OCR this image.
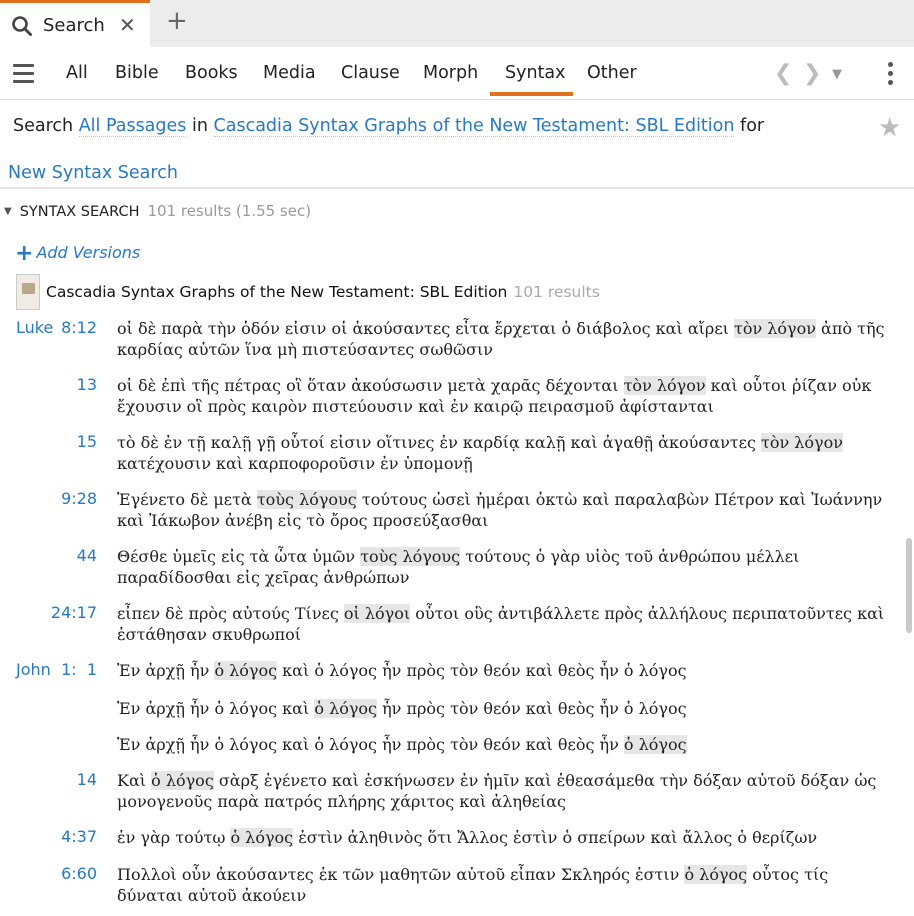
Search ✕ +
All Bible Books Media Clause Morph Syntax Other	❮ ❯ ▼
Search All Passages in Cascadia Syntax Graphs of the New Testament: SBL Edition for	★
New Syntax Search
▼ SYNTAX SEARCH 101 results (1.55 sec)
+ Add Versions
Cascadia Syntax Graphs of the New Testament: SBL Edition 101 results
Luke 8:12 οἱ δὲ παρὰ τὴν ὁδόν εἰσιν οἱ ἀκούσαντες εἶτα ἔρχεται ὁ διάβολος καὶ αἴρει τὸν λόγον ἀπὸ τῆς καρδίας αὐτῶν ἵνα μὴ πιστεύσαντες σωθῶσιν
13 οἱ δὲ ἐπὶ τῆς πέτρας οἳ ὅταν ἀκούσωσιν μετὰ χαρᾶς δέχονται τὸν λόγον καὶ οὗτοι ῥίζαν οὐκ ἔχουσιν οἳ πρὸς καιρὸν πιστεύουσιν καὶ ἐν καιρῷ πειρασμοῦ ἀφίστανται
15 τὸ δὲ ἐν τῇ καλῇ γῇ οὗτοί εἰσιν οἵτινες ἐν καρδίᾳ καλῇ καὶ ἀγαθῇ ἀκούσαντες τὸν λόγον κατέχουσιν καὶ καρποφοροῦσιν ἐν ὑπομονῇ
9:28 Ἐγένετο δὲ μετὰ τοὺς λόγους τούτους ὡσεὶ ἡμέραι ὀκτὼ καὶ παραλαβὼν Πέτρον καὶ Ἰωάννην καὶ Ἰάκωβον ἀνέβη εἰς τὸ ὄρος προσεύξασθαι
44 Θέσθε ὑμεῖς εἰς τὰ ὦτα ὑμῶν τοὺς λόγους τούτους ὁ γὰρ υἱὸς τοῦ ἀνθρώπου μέλλει παραδίδοσθαι εἰς χεῖρας ἀνθρώπων
24:17 εἶπεν δὲ πρὸς αὐτούς Τίνες οἱ λόγοι οὗτοι οὓς ἀντιβάλλετε πρὸς ἀλλήλους περιπατοῦντες καὶ ἐστάθησαν σκυθρωποί
John 1:  1 Ἐν ἀρχῇ ἦν ὁ λόγος καὶ ὁ λόγος ἦν πρὸς τὸν θεόν καὶ θεὸς ἦν ὁ λόγος
Ἐν ἀρχῇ ἦν ὁ λόγος καὶ ὁ λόγος ἦν πρὸς τὸν θεόν καὶ θεὸς ἦν ὁ λόγος
Ἐν ἀρχῇ ἦν ὁ λόγος καὶ ὁ λόγος ἦν πρὸς τὸν θεόν καὶ θεὸς ἦν ὁ λόγος
14 Καὶ ὁ λόγος σὰρξ ἐγένετο καὶ ἐσκήνωσεν ἐν ἡμῖν καὶ ἐθεασάμεθα τὴν δόξαν αὐτοῦ δόξαν ὡς μονογενοῦς παρὰ πατρός πλήρης χάριτος καὶ ἀληθείας
4:37 ἐν γὰρ τούτῳ ὁ λόγος ἐστὶν ἀληθινὸς ὅτι Ἄλλος ἐστὶν ὁ σπείρων καὶ ἄλλος ὁ θερίζων
6:60 Πολλοὶ οὖν ἀκούσαντες ἐκ τῶν μαθητῶν αὐτοῦ εἶπαν Σκληρός ἐστιν ὁ λόγος οὗτος τίς δύναται αὐτοῦ ἀκούειν
